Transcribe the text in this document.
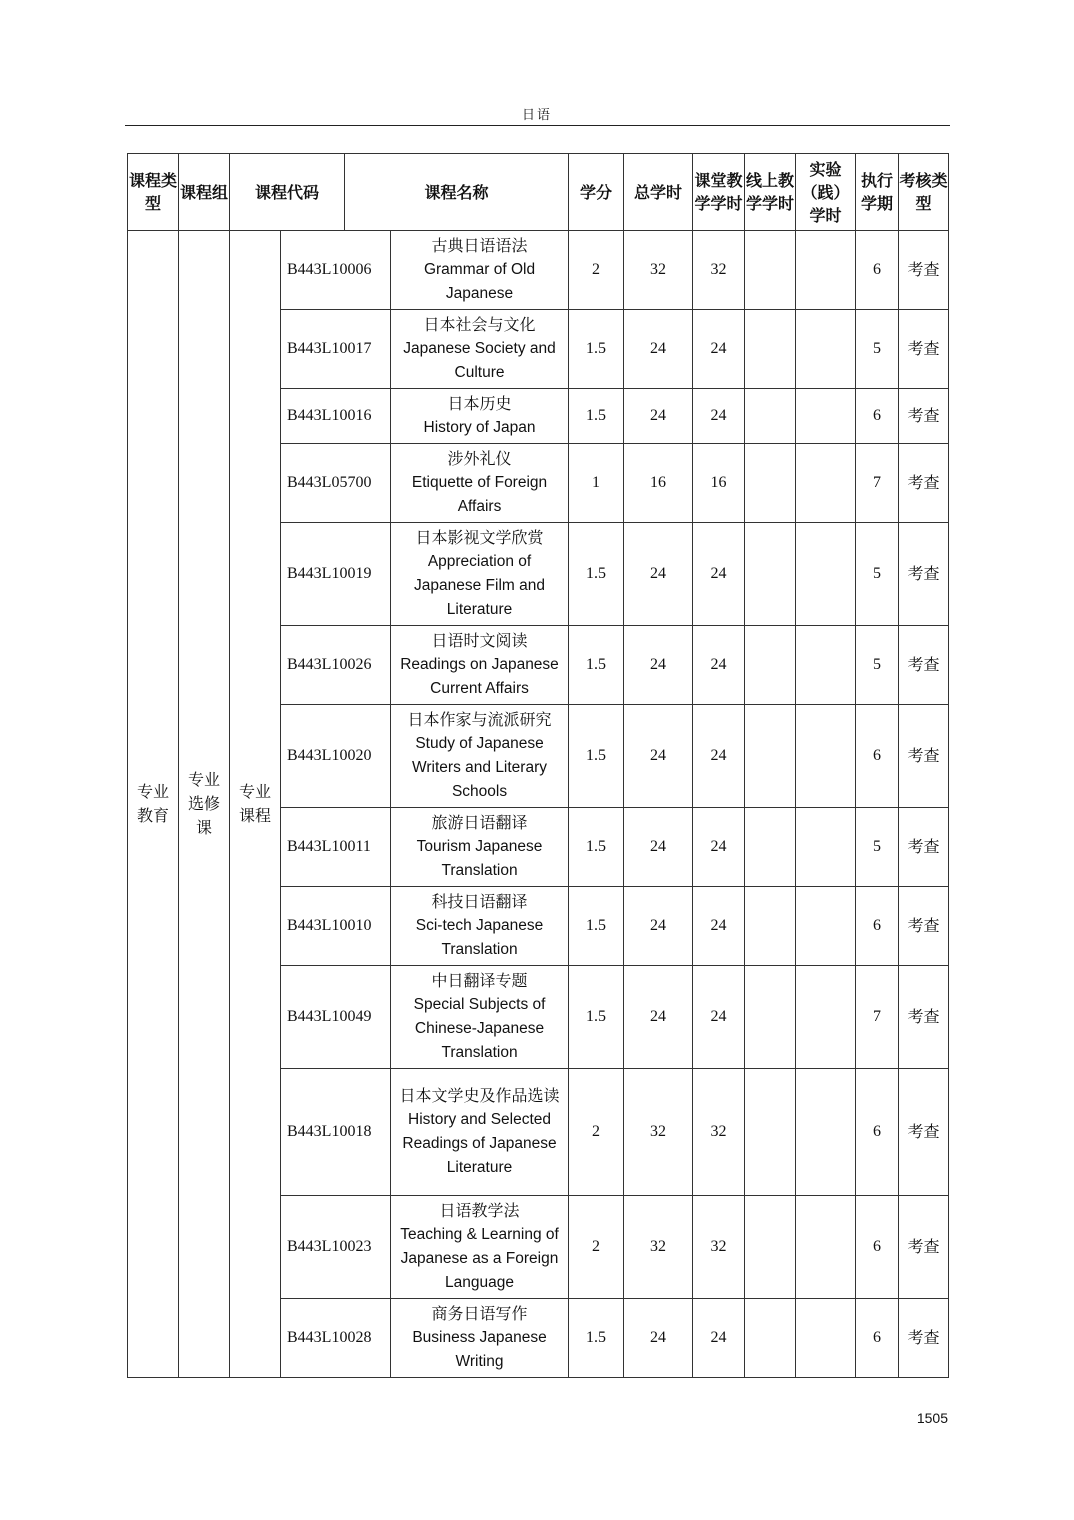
日语
课程类型	课程组	课程代码		课程名称		学分	总学时	课堂教学学时	线上教学学时	实验（践）学时	执行学期	考核类型
专业教育	专业选修课	专业课程	B443L10006		古典日语语法
Grammar of Old Japanese	2	32	32			6	考查
			B443L10017		日本社会与文化
Japanese Society and Culture	1.5	24	24			5	考查
			B443L10016		日本历史
History of Japan	1.5	24	24			6	考查
			B443L05700		涉外礼仪
Etiquette of Foreign Affairs	1	16	16			7	考查
			B443L10019		日本影视文学欣赏
Appreciation of Japanese Film and Literature	1.5	24	24			5	考查
			B443L10026		日语时文阅读
Readings on Japanese Current Affairs	1.5	24	24			5	考查
			B443L10020		日本作家与流派研究
Study of Japanese Writers and Literary Schools	1.5	24	24			6	考查
			B443L10011		旅游日语翻译
Tourism Japanese Translation	1.5	24	24			5	考查
			B443L10010		科技日语翻译
Sci-tech Japanese Translation	1.5	24	24			6	考查
			B443L10049		中日翻译专题
Special Subjects of Chinese-Japanese Translation	1.5	24	24			7	考查
			B443L10018		日本文学史及作品选读
History and Selected Readings of Japanese Literature	2	32	32			6	考查
			B443L10023		日语教学法
Teaching & Learning of Japanese as a Foreign Language	2	32	32			6	考查
			B443L10028		商务日语写作
Business Japanese Writing	1.5	24	24			6	考查
1505
